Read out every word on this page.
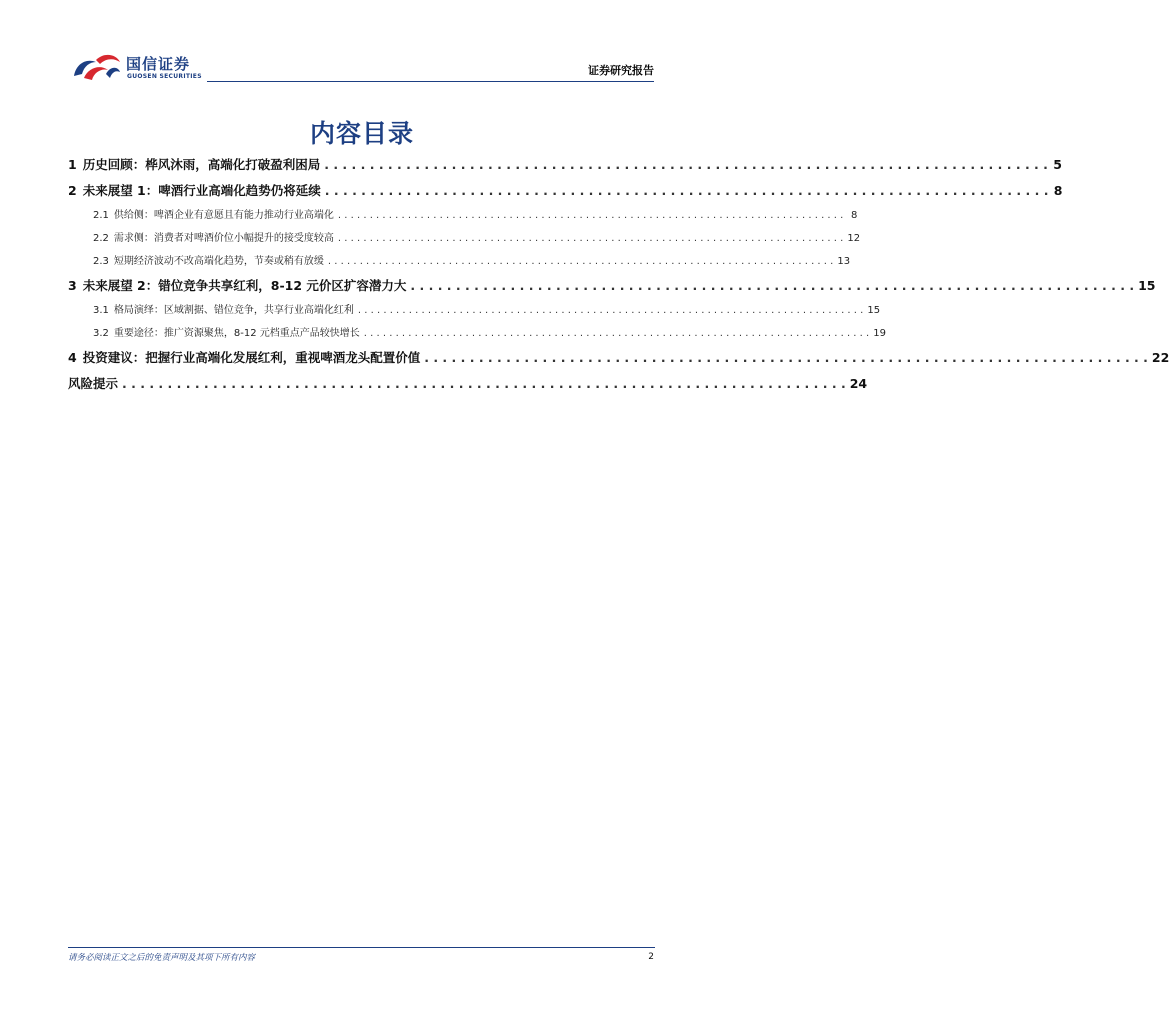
国信证券
GUOSEN SECURITIES	证券研究报告
内容目录
1 历史回顾：桦风沐雨，高端化打破盈利困局 . . . . . . . . . . . . . . . . . . . . . . . . . . . . . . . . . . . . . . . . . . . . . . . . . . . . . . . . . . . . . . . . . . . . . . . . . . . . . . . . 5
2 未来展望 1：啤酒行业高端化趋势仍将延续 . . . . . . . . . . . . . . . . . . . . . . . . . . . . . . . . . . . . . . . . . . . . . . . . . . . . . . . . . . . . . . . . . . . . . . . . . . . . . . . . 8
2.1 供给侧：啤酒企业有意愿且有能力推动行业高端化 . . . . . . . . . . . . . . . . . . . . . . . . . . . . . . . . . . . . . . . . . . . . . . . . . . . . . . . . . . . . . . . . . . . . . . . . . . . . . . . . 8
2.2 需求侧：消费者对啤酒价位小幅提升的接受度较高 . . . . . . . . . . . . . . . . . . . . . . . . . . . . . . . . . . . . . . . . . . . . . . . . . . . . . . . . . . . . . . . . . . . . . . . . . . . . . . . . 12
2.3 短期经济波动不改高端化趋势，节奏或稍有放缓 . . . . . . . . . . . . . . . . . . . . . . . . . . . . . . . . . . . . . . . . . . . . . . . . . . . . . . . . . . . . . . . . . . . . . . . . . . . . . . . . 13
3 未来展望 2：错位竞争共享红利，8-12 元价区扩容潜力大 . . . . . . . . . . . . . . . . . . . . . . . . . . . . . . . . . . . . . . . . . . . . . . . . . . . . . . . . . . . . . . . . . . . . . . . . . . . . . . . . 15
3.1 格局演绎：区域割据、错位竞争，共享行业高端化红利 . . . . . . . . . . . . . . . . . . . . . . . . . . . . . . . . . . . . . . . . . . . . . . . . . . . . . . . . . . . . . . . . . . . . . . . . . . . . . . . . 15
3.2 重要途径：推广资源聚焦，8-12 元档重点产品较快增长 . . . . . . . . . . . . . . . . . . . . . . . . . . . . . . . . . . . . . . . . . . . . . . . . . . . . . . . . . . . . . . . . . . . . . . . . . . . . . . . . 19
4 投资建议：把握行业高端化发展红利，重视啤酒龙头配置价值 . . . . . . . . . . . . . . . . . . . . . . . . . . . . . . . . . . . . . . . . . . . . . . . . . . . . . . . . . . . . . . . . . . . . . . . . . . . . . . . . 22
风险提示 . . . . . . . . . . . . . . . . . . . . . . . . . . . . . . . . . . . . . . . . . . . . . . . . . . . . . . . . . . . . . . . . . . . . . . . . . . . . . . . . 24
请务必阅读正文之后的免责声明及其项下所有内容	2
